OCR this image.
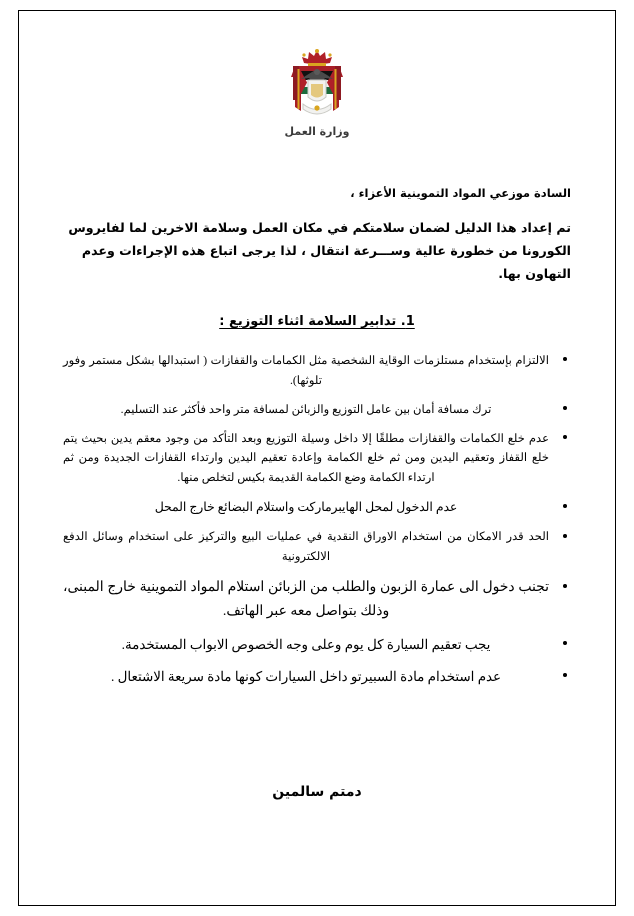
وزارة العمل
السادة موزعي المواد التموينية الأعزاء ،
تم إعداد هذا الدليل لضمان سلامتكم في مكان العمل وسلامة الاخرين لما لفايروس
الكورونا من خطورة عالية وســـرعة انتقال ، لذا يرجى اتباع هذه الإجراءات وعدم
التهاون بها.
1. تدابير السلامة اثناء التوزيع :
الالتزام بإستخدام مستلزمات الوقاية الشخصية مثل الكمامات والقفازات ( استبدالها بشكل مستمر وفور تلوثها).
ترك مسافة أمان بين عامل التوزيع والزبائن لمسافة متر واحد فأكثر عند التسليم.
عدم خلع الكمامات والقفازات مطلقًا إلا داخل وسيلة التوزيع وبعد التأكد من وجود معقم يدين بحيث يتم خلع القفاز وتعقيم اليدين ومن ثم خلع الكمامة وإعادة تعقيم اليدين وارتداء القفازات الجديدة ومن ثم ارتداء الكمامة وضع الكمامة القديمة بكيس لتخلص منها.
عدم الدخول لمحل الهايبرماركت واستلام البضائع خارج المحل
الحد قدر الامكان من استخدام الاوراق النقدية في عمليات البيع والتركيز على استخدام وسائل الدفع الالكترونية
تجنب دخول الى عمارة الزبون والطلب من الزبائن استلام المواد التموينية خارج المبنى، وذلك بتواصل معه عبر الهاتف.
يجب تعقيم السيارة كل يوم وعلى وجه الخصوص الابواب المستخدمة.
عدم استخدام مادة السبيرتو داخل السيارات كونها مادة سريعة الاشتعال .
دمتم سالمين
